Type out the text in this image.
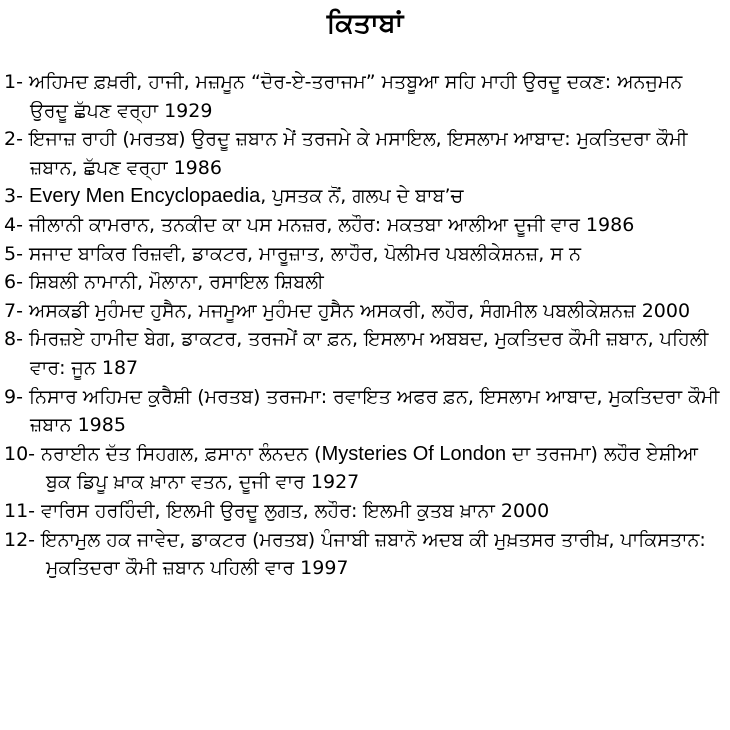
ਕਿਤਾਬਾਂ
1- ਅਹਿਮਦ ਫ਼ਖ਼ਰੀ, ਹਾਜੀ, ਮਜ਼ਮੂਨ “ਦੋਰ-ਏ-ਤਰਾਜਮ” ਮਤਬੂਆ ਸਹਿ ਮਾਹੀ ਉਰਦੂ ਦਕਣ: ਅਨਜੁਮਨ ਉਰਦੂ ਛੱਪਣ ਵਰ੍ਹਾ 1929
2- ਇਜਾਜ਼ ਰਾਹੀ (ਮਰਤਬ) ਉਰਦੂ ਜ਼ਬਾਨ ਮੇਂ ਤਰਜਮੇ ਕੇ ਮਸਾਇਲ, ਇਸਲਾਮ ਆਬਾਦ: ਮੁਕਤਿਦਰਾ ਕੌਮੀ ਜ਼ਬਾਨ, ਛੱਪਣ ਵਰ੍ਹਾ 1986
3- Every Men Encyclopaedia, ਪੁਸਤਕ ਨੋਂ, ਗਲਪ ਦੇ ਬਾਬ’ਚ
4- ਜੀਲਾਨੀ ਕਾਮਰਾਨ, ਤਨਕੀਦ ਕਾ ਪਸ ਮਨਜ਼ਰ, ਲਹੌਰ: ਮਕਤਬਾ ਆਲੀਆ ਦੂਜੀ ਵਾਰ 1986
5- ਸਜਾਦ ਬਾਕਿਰ ਰਿਜ਼ਵੀ, ਡਾਕਟਰ, ਮਾਰੂਜ਼ਾਤ, ਲਾਹੌਰ, ਪੋਲੀਮਰ ਪਬਲੀਕੇਸ਼ਨਜ਼, ਸ ਨ
6- ਸ਼ਿਬਲੀ ਨਾਮਾਨੀ, ਮੌਲਾਨਾ, ਰਸਾਇਲ ਸ਼ਿਬਲੀ
7- ਅਸਕਡੀ ਮੁਹੰਮਦ ਹੁਸੈਨ, ਮਜਮੂਆ ਮੁਹੰਮਦ ਹੁਸੈਨ ਅਸਕਰੀ, ਲਹੌਰ, ਸੰਗਮੀਲ ਪਬਲੀਕੇਸ਼ਨਜ਼ 2000
8- ਮਿਰਜ਼ਏ ਹਾਮੀਦ ਬੇਗ, ਡਾਕਟਰ, ਤਰਜਮੇਂ ਕਾ ਫ਼ਨ, ਇਸਲਾਮ ਅਬਬਦ, ਮੁਕਤਿਦਰ ਕੌਮੀ ਜ਼ਬਾਨ, ਪਹਿਲੀ ਵਾਰ: ਜੂਨ 187
9- ਨਿਸਾਰ ਅਹਿਮਦ ਕੁਰੈਸ਼ੀ (ਮਰਤਬ) ਤਰਜਮਾ: ਰਵਾਇਤ ਅਫਰ ਫ਼ਨ, ਇਸਲਾਮ ਆਬਾਦ, ਮੁਕਤਿਦਰਾ ਕੌਮੀ ਜ਼ਬਾਨ 1985
10- ਨਰਾਈਨ ਦੱਤ ਸਿਹਗਲ, ਫ਼ਸਾਨਾ ਲੰਨਦਨ (Mysteries Of London ਦਾ ਤਰਜਮਾ) ਲਹੌਰ ਏਸ਼ੀਆ ਬੁਕ ਡਿਪੂ ਖ਼ਾਕ ਖ਼ਾਨਾ ਵਤਨ, ਦੂਜੀ ਵਾਰ 1927
11- ਵਾਰਿਸ ਹਰਹਿੰਦੀ, ਇਲਮੀ ਉਰਦੂ ਲੁਗਤ, ਲਹੌਰ: ਇਲਮੀ ਕੁਤਬ ਖ਼ਾਨਾ 2000
12- ਇਨਾਮੁਲ ਹਕ ਜਾਵੇਦ, ਡਾਕਟਰ (ਮਰਤਬ) ਪੰਜਾਬੀ ਜ਼ਬਾਨੋ ਅਦਬ ਕੀ ਮੁਖ਼ਤਸਰ ਤਾਰੀਖ਼, ਪਾਕਿਸਤਾਨ: ਮੁਕਤਿਦਰਾ ਕੌਮੀ ਜ਼ਬਾਨ ਪਹਿਲੀ ਵਾਰ 1997
